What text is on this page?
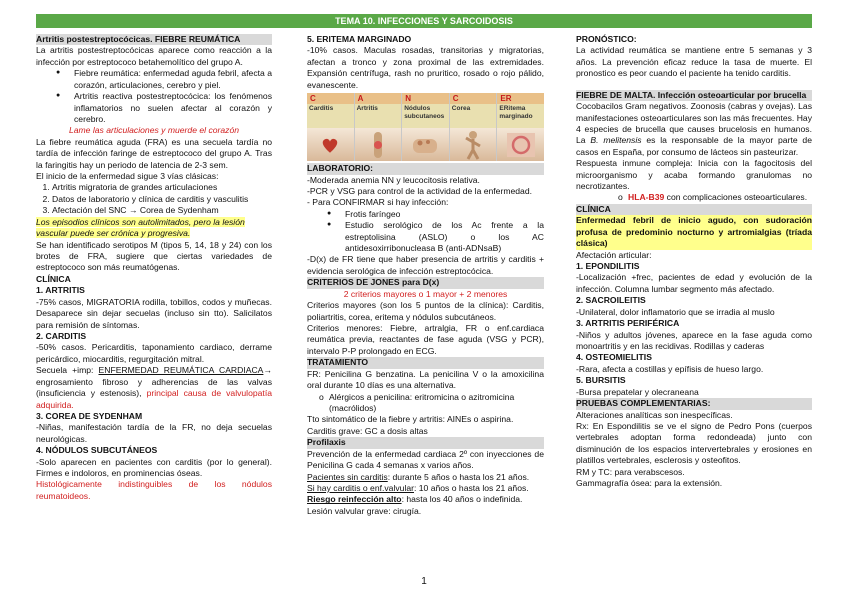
TEMA 10. INFECCIONES Y SARCOIDOSIS

Artritis postestreptocócicas. FIEBRE REUMÁTICA

La artritis postestreptocócicas aparece como reacción a la infección por estreptococo betahemolítico del grupo A.

● Fiebre reumática: enfermedad aguda febril, afecta a corazón, articulaciones, cerebro y piel.
● Artritis reactiva postestreptocócica: los fenómenos inflamatorios no suelen afectar al corazón y cerebro.

Lame las articulaciones y muerde el corazón

La fiebre reumática aguda (FRA) es una secuela tardía no tardía de infección faringe de estreptococo del grupo A. Tras la faringitis hay un periodo de latencia de 2-3 sem.

El inicio de la enfermedad sigue 3 vías clásicas:

1. Artritis migratoria de grandes articulaciones
2. Datos de laboratorio y clínica de carditis y vasculitis
3. Afectación del SNC → Corea de Sydenham

Los episodios clínicos son autolimitados, pero la lesión vascular puede ser crónica y progresiva.

Se han identificado serotipos M (tipos 5, 14, 18 y 24) con los brotes de FRA, sugiere que ciertas variedades de estreptococo son más reumatógenas.

CLÍNICA

1. ARTRITIS

-75% casos, MIGRATORIA rodilla, tobillos, codos y muñecas. Desaparece sin dejar secuelas (incluso sin tto). Salicilatos para remisión de síntomas.

2. CARDITIS

-50% casos. Pericarditis, taponamiento cardiaco, derrame pericárdico, miocarditis, regurgitación mitral.

Secuela +imp: ENFERMEDAD REUMÁTICA CARDIACA→ engrosamiento fibroso y adherencias de las valvas (insuficiencia y estenosis), principal causa de valvulopatía adquirida.

3. COREA DE SYDENHAM

-Niñas, manifestación tardía de la FR, no deja secuelas neurológicas.

4. NÓDULOS SUBCUTÁNEOS

-Solo aparecen en pacientes con carditis (por lo general). Firmes e indoloros, en prominencias óseas.

Histológicamente indistinguibles de los nódulos reumatoideos.

5. ERITEMA MARGINADO

-10% casos. Maculas rosadas, transitorias y migratorias, afectan a tronco y zona proximal de las extremidades. Expansión centrífuga, rash no pruritico, rosado o rojo pálido, evanescente.

C
Carditis
A
Artritis
N
Nódulos subcutaneos
C
Corea
ER
ERitema marginado

LABORATORIO:

-Moderada anemia NN y leucocitosis relativa.

-PCR y VSG para control de la actividad de la enfermedad.

- Para CONFIRMAR si hay infección:

● Frotis faríngeo
● Estudio serológico de los Ac frente a la estreptolisina (ASLO) o los AC antidesoxirribonucleasa B (anti-ADNsaB)

-D(x) de FR tiene que haber presencia de artritis y carditis + evidencia serológica de infección estreptocócica.

CRITERIOS DE JONES para D(x)

2 criterios mayores o 1 mayor + 2 menores

Criterios mayores (son los 5 puntos de la clínica): Carditis, poliartritis, corea, eritema y nódulos subcutáneos.

Criterios menores: Fiebre, artralgia, FR o enf.cardiaca reumática previa, reactantes de fase aguda (VSG y PCR), intervalo P-P prolongado en ECG.

TRATAMIENTO

FR: Penicilina G benzatina. La penicilina V o la amoxicilina oral durante 10 días es una alternativa.

o Alérgicos a penicilina: eritromicina o azitromicina (macrólidos)

Tto sintomático de la fiebre y artritis: AINEs o aspirina.

Carditis grave: GC a dosis altas

Profilaxis

Prevención de la enfermedad cardiaca 2º con inyecciones de Penicilina G cada 4 semanas x varios años.

Pacientes sin carditis: durante 5 años o hasta los 21 años.

Si hay carditis o enf.valvular: 10 años o hasta los 21 años.

Riesgo reinfección alto: hasta los 40 años o indefinida.

Lesión valvular grave: cirugía.

PRONÓSTICO:

La actividad reumática se mantiene entre 5 semanas y 3 años. La prevención eficaz reduce la tasa de muerte. El pronostico es peor cuando el paciente ha tenido carditis.

FIEBRE DE MALTA. Infección osteoarticular por brucella

Cocobacilos Gram negativos. Zoonosis (cabras y ovejas). Las manifestaciones osteoarticulares son las más frecuentes. Hay 4 especies de brucella que causes brucelosis en humanos. La B. melitensis es la responsable de la mayor parte de casos en España, por consumo de lácteos sin pasteurizar.

Respuesta inmune compleja: Inicia con la fagocitosis del microorganismo y acaba formando granulomas no necrotizantes.

o HLA-B39 con complicaciones osteoarticulares.

CLÍNICA

Enfermedad febril de inicio agudo, con sudoración profusa de predominio nocturno y artromialgias (tríada clásica)

Afectación articular:

1. EPONDILITIS

-Localización +frec, pacientes de edad y evolución de la infección. Columna lumbar segmento más afectado.

2. SACROILEITIS

-Unilateral, dolor inflamatorio que se irradia al muslo

3. ARTRITIS PERIFÉRICA

-Niños y adultos jóvenes, aparece en la fase aguda como monoartritis y en las recidivas. Rodillas y caderas

4. OSTEOMIELITIS

-Rara, afecta a costillas y epífisis de hueso largo.

5. BURSITIS

-Bursa prepatelar y olecraneana

PRUEBAS COMPLEMENTARIAS:

Alteraciones analíticas son inespecíficas.

Rx: En Espondilitis se ve el signo de Pedro Pons (cuerpos vertebrales adoptan forma redondeada) junto con disminución de los espacios intervertebrales y erosiones en platillos vertebrales, esclerosis y osteofitos.

RM y TC: para verabscesos.

Gammagrafía ósea: para la extensión.

1
